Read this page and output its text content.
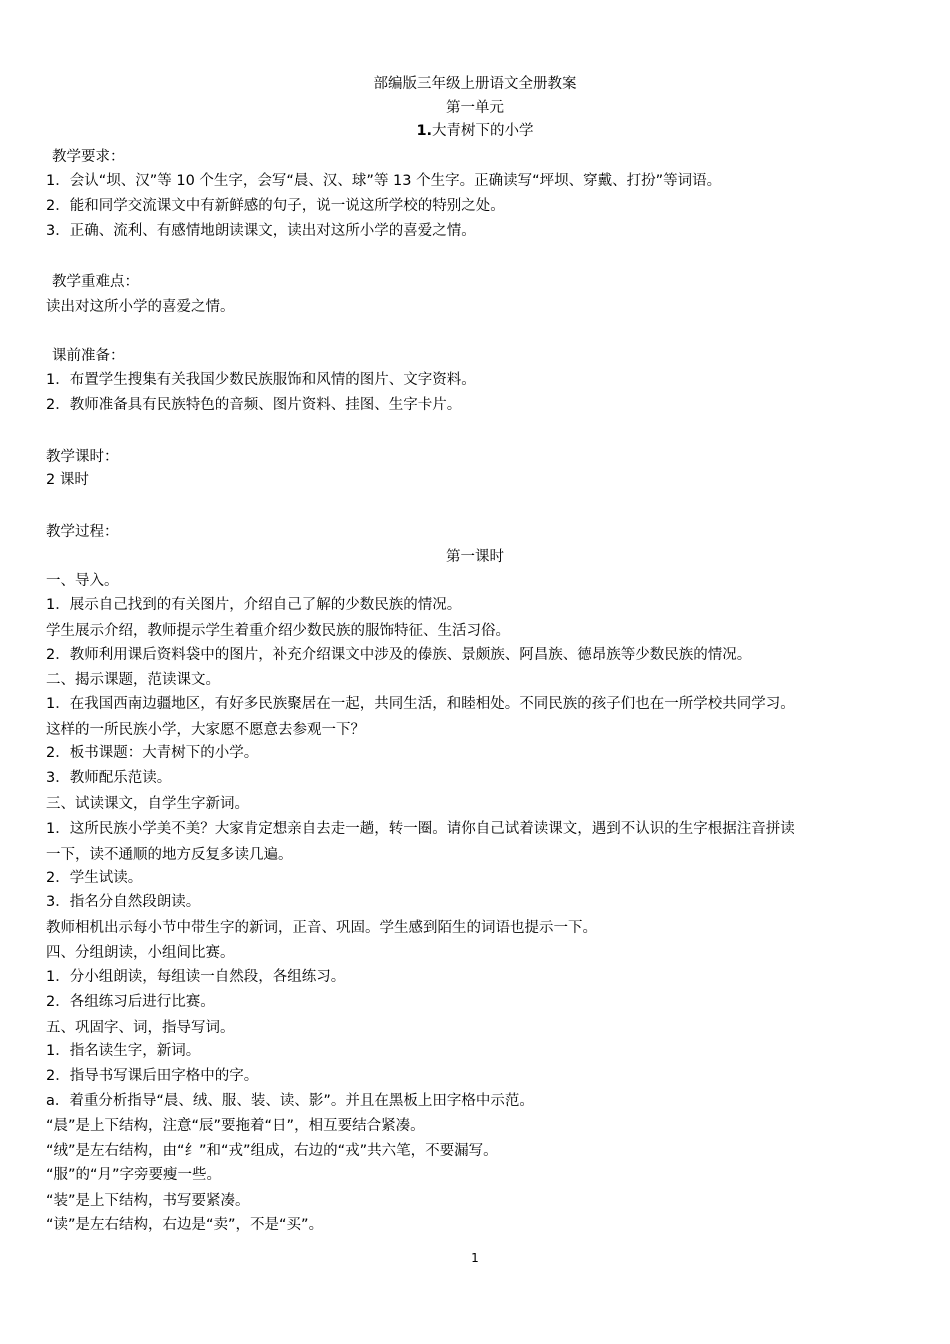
部编版三年级上册语文全册教案
第一单元
1.大青树下的小学
教学要求：
1．会认“坝、汉”等 10 个生字，会写“晨、汉、球”等 13 个生字。正确读写“坪坝、穿戴、打扮”等词语。
2．能和同学交流课文中有新鲜感的句子，说一说这所学校的特别之处。
3．正确、流利、有感情地朗读课文，读出对这所小学的喜爱之情。
教学重难点：
读出对这所小学的喜爱之情。
课前准备：
1．布置学生搜集有关我国少数民族服饰和风情的图片、文字资料。
2．教师准备具有民族特色的音频、图片资料、挂图、生字卡片。
教学课时：
2 课时
教学过程：
第一课时
一、导入。
1．展示自己找到的有关图片，介绍自己了解的少数民族的情况。
学生展示介绍，教师提示学生着重介绍少数民族的服饰特征、生活习俗。
2．教师利用课后资料袋中的图片，补充介绍课文中涉及的傣族、景颇族、阿昌族、德昂族等少数民族的情况。
二、揭示课题，范读课文。
1．在我国西南边疆地区，有好多民族聚居在一起，共同生活，和睦相处。不同民族的孩子们也在一所学校共同学习。
这样的一所民族小学，大家愿不愿意去参观一下？
2．板书课题：大青树下的小学。
3．教师配乐范读。
三、试读课文，自学生字新词。
1．这所民族小学美不美？大家肯定想亲自去走一趟，转一圈。请你自己试着读课文，遇到不认识的生字根据注音拼读
一下，读不通顺的地方反复多读几遍。
2．学生试读。
3．指名分自然段朗读。
教师相机出示每小节中带生字的新词，正音、巩固。学生感到陌生的词语也提示一下。
四、分组朗读，小组间比赛。
1．分小组朗读，每组读一自然段，各组练习。
2．各组练习后进行比赛。
五、巩固字、词，指导写词。
1．指名读生字，新词。
2．指导书写课后田字格中的字。
a．着重分析指导“晨、绒、服、装、读、影”。并且在黑板上田字格中示范。
“晨”是上下结构，注意“辰”要拖着“日”，相互要结合紧凑。
“绒”是左右结构，由“纟”和“戎”组成，右边的“戎”共六笔，不要漏写。
“服”的“月”字旁要瘦一些。
“装”是上下结构，书写要紧凑。
“读”是左右结构，右边是“卖”，不是“买”。
1
